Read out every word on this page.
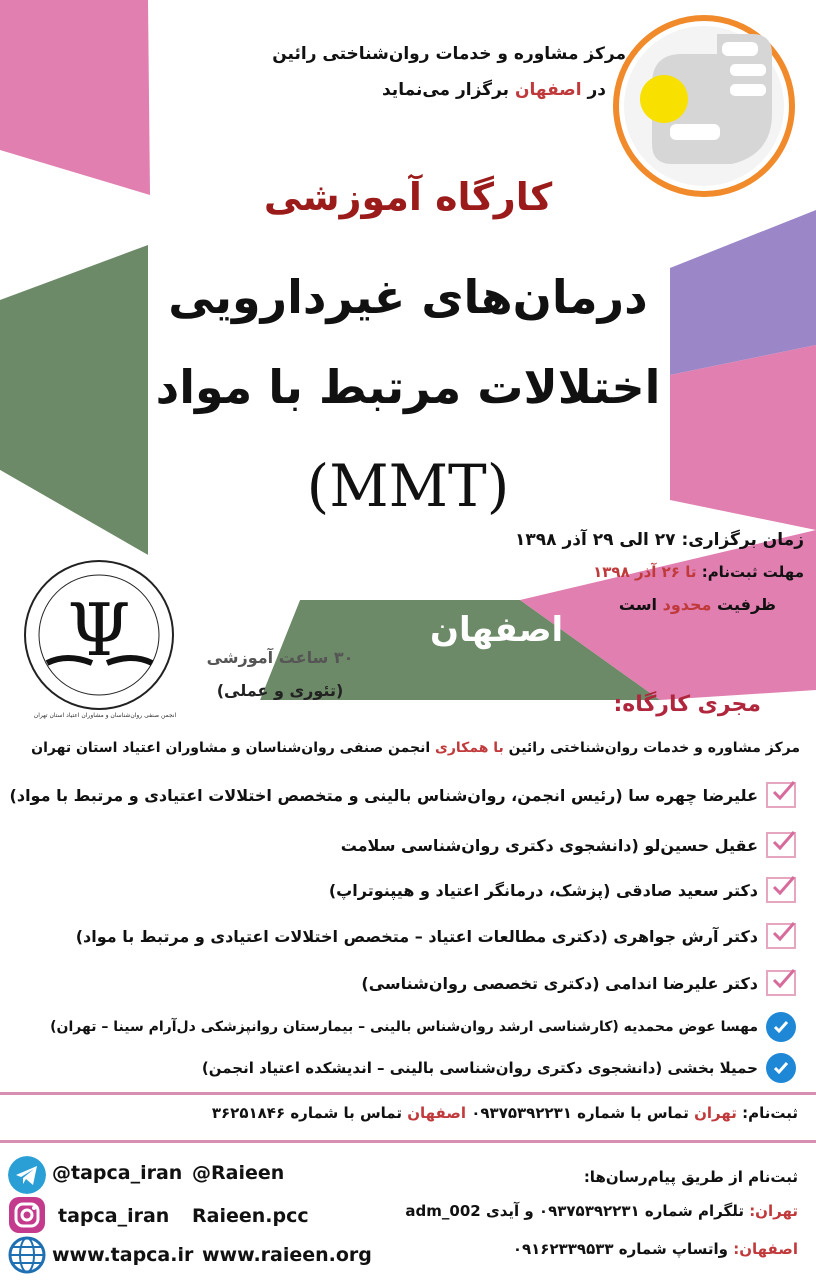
مرکز مشاوره و خدمات روان‌شناختی رائین
در اصفهان برگزار می‌نماید
کارگاه آموزشی
درمان‌های غیردارویی
اختلالات مرتبط با مواد
(MMT)
زمان برگزاری: ۲۷ الی ۲۹ آذر ۱۳۹۸
مهلت ثبت‌نام: تا ۲۶ آذر ۱۳۹۸
ظرفیت محدود است
اصفهان
Ψ
انجمن صنفی روان‌شناسان و مشاوران اعتیاد استان تهران
۳۰ ساعت آموزشی
(تئوری و عملی)
مجری کارگاه:
مرکز مشاوره و خدمات روان‌شناختی رائین با همکاری انجمن صنفی روان‌شناسان و مشاوران اعتیاد استان تهران
علیرضا چهره سا (رئیس انجمن، روان‌شناس بالینی و متخصص اختلالات اعتیادی و مرتبط با مواد)
عقیل حسین‌لو (دانشجوی دکتری روان‌شناسی سلامت
دکتر سعید صادقی (پزشک، درمانگر اعتیاد و هیپنوتراپ)
دکتر آرش جواهری (دکتری مطالعات اعتیاد – متخصص اختلالات اعتیادی و مرتبط با مواد)
دکتر علیرضا اندامی (دکتری تخصصی روان‌شناسی)
مهسا عوض محمدیه (کارشناسی ارشد روان‌شناس بالینی – بیمارستان روانپزشکی دل‌آرام سینا – تهران)
حمیلا بخشی (دانشجوی دکتری روان‌شناسی بالینی – اندیشکده اعتیاد انجمن)
ثبت‌نام: تهران تماس با شماره ۰۹۳۷۵۳۹۲۲۳۱ اصفهان تماس با شماره ۳۶۲۵۱۸۴۶
ثبت‌نام از طریق پیام‌رسان‌ها:
تهران: تلگرام شماره ۰۹۳۷۵۳۹۲۲۳۱ و آیدی adm_002
اصفهان: واتساپ شماره ۰۹۱۶۲۳۳۹۵۳۳
@tapca_iran @Raieen
tapca_iran Raieen.pcc
www.tapca.ir www.raieen.org
